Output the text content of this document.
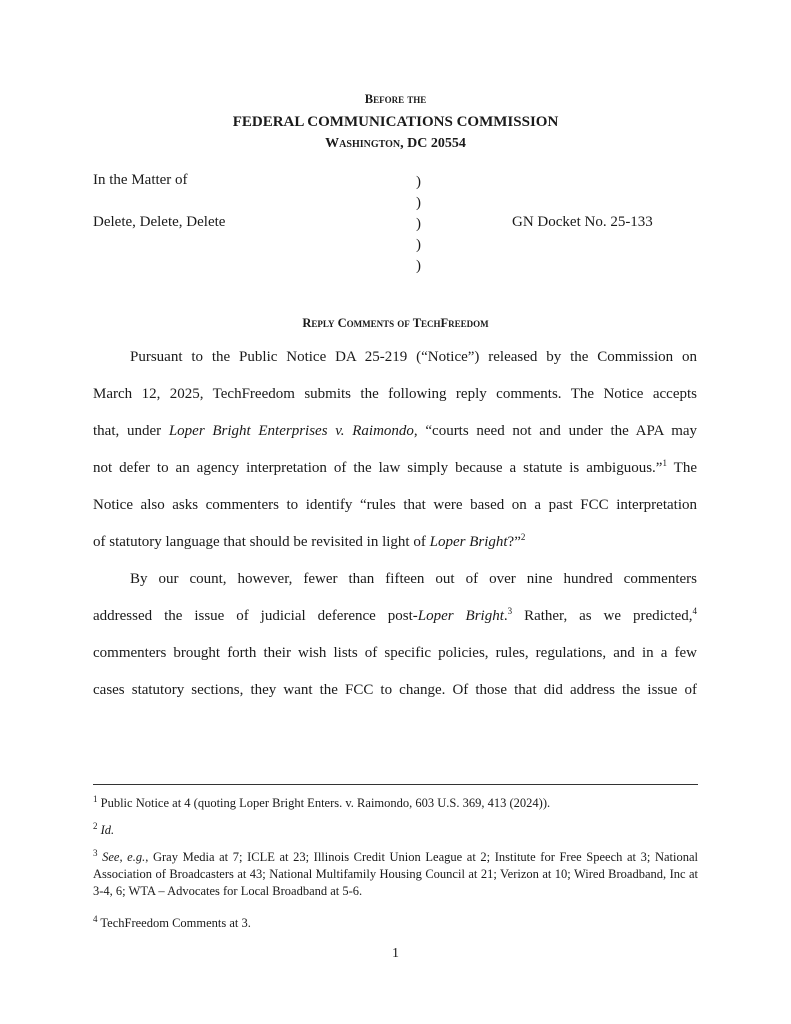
Before the
FEDERAL COMMUNICATIONS COMMISSION
Washington, DC 20554
In the Matter of
Delete, Delete, Delete	GN Docket No. 25-133
)
)
)
)
)
Reply Comments of TechFreedom
Pursuant to the Public Notice DA 25-219 (“Notice”) released by the Commission on
March 12, 2025, TechFreedom submits the following reply comments. The Notice accepts
that, under Loper Bright Enterprises v. Raimondo, “courts need not and under the APA may
not defer to an agency interpretation of the law simply because a statute is ambiguous.”$^1$ The
Notice also asks commenters to identify “rules that were based on a past FCC interpretation
of statutory language that should be revisited in light of Loper Bright?”$^2$
By our count, however, fewer than fifteen out of over nine hundred commenters
addressed the issue of judicial deference post-Loper Bright.$^3$ Rather, as we predicted,$^4$
commenters brought forth their wish lists of specific policies, rules, regulations, and in a few
cases statutory sections, they want the FCC to change. Of those that did address the issue of
$^1$ Public Notice at 4 (quoting Loper Bright Enters. v. Raimondo, 603 U.S. 369, 413 (2024)).
$^2$ Id.
$^3$ See, e.g., Gray Media at 7; ICLE at 23; Illinois Credit Union League at 2; Institute for Free Speech at 3; National Association of Broadcasters at 43; National Multifamily Housing Council at 21; Verizon at 10; Wired Broadband, Inc at 3-4, 6; WTA – Advocates for Local Broadband at 5-6.
$^4$ TechFreedom Comments at 3.
1
